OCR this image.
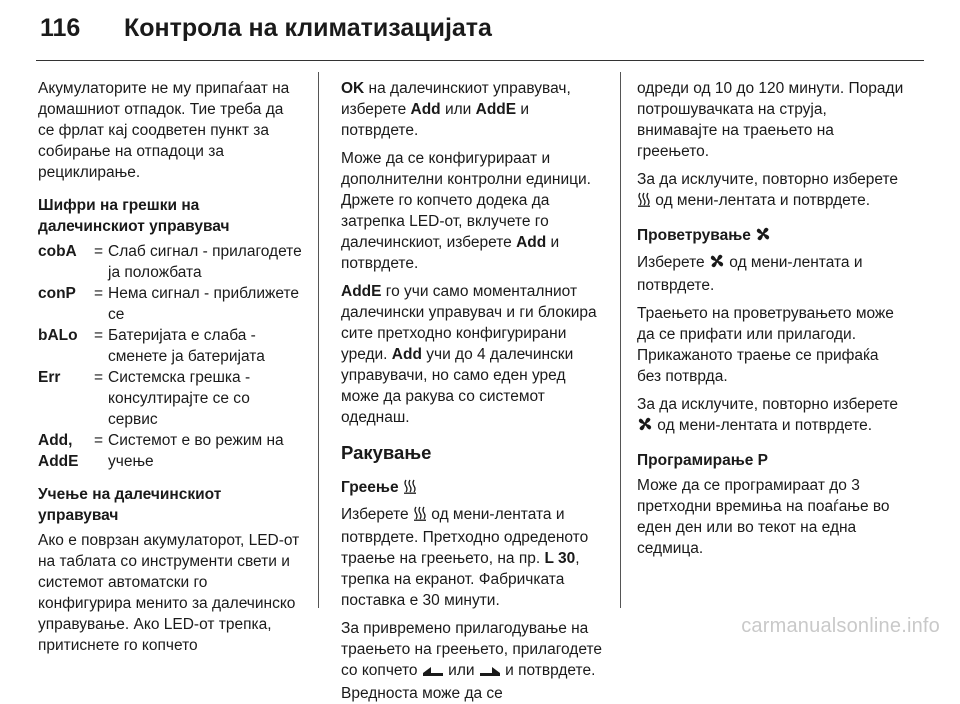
116	Контрола на климатизацијата

Акумулаторите не му припаѓаат на домашниот отпадок. Тие треба да се фрлат кај соодветен пункт за собирање на отпадоци за рециклирање.

Шифри на грешки на далечинскиот управувач
cobA	=	Слаб сигнал - прилагодете ја положбата
conP	=	Нема сигнал - приближете се
bALo	=	Батеријата е слаба - сменете ја батеријата
Err	=	Системска грешка - консултирајте се со сервис
Add, AddE	=	Системот е во режим на учење
Учење на далечинскиот управувач

Ако е поврзан акумулаторот, LED-от на таблата со инструменти свети и системот автоматски го конфигурира менито за далечинско управување. Ако LED-от трепка, притиснете го копчето

OK на далечинскиот управувач, изберете Add или AddE и потврдете.

Може да се конфигурираат и дополнителни контролни единици. Држете го копчето додека да затрепка LED-от, вклучете го далечинскиот, изберете Add и потврдете.

AddE го учи само моменталниот далечински управувач и ги блокира сите претходно конфигурирани уреди. Add учи до 4 далечински управувачи, но само еден уред може да ракува со системот одеднаш.

Ракување
Греење

Изберете  од мени-лентата и потврдете. Претходно одреденото траење на греењето, на пр. L 30, трепка на екранот. Фабричката поставка е 30 минути.

За привремено прилагодување на траењето на греењето, прилагодете со копчето  или  и потврдете. Вредноста може да се

одреди од 10 до 120 минути. Поради потрошувачката на струја, внимавајте на траењето на греењето.

За да исклучите, повторно изберете  од мени-лентата и потврдете.

Проветрување

Изберете  од мени-лентата и потврдете.

Траењето на проветрувањето може да се прифати или прилагоди. Прикажаното траење се прифаќа без потврда.

За да исклучите, повторно изберете  од мени-лентата и потврдете.

Програмирање P

Може да се програмираат до 3 претходни времиња на поаѓање во еден ден или во текот на една седмица.

carmanualsonline.info
